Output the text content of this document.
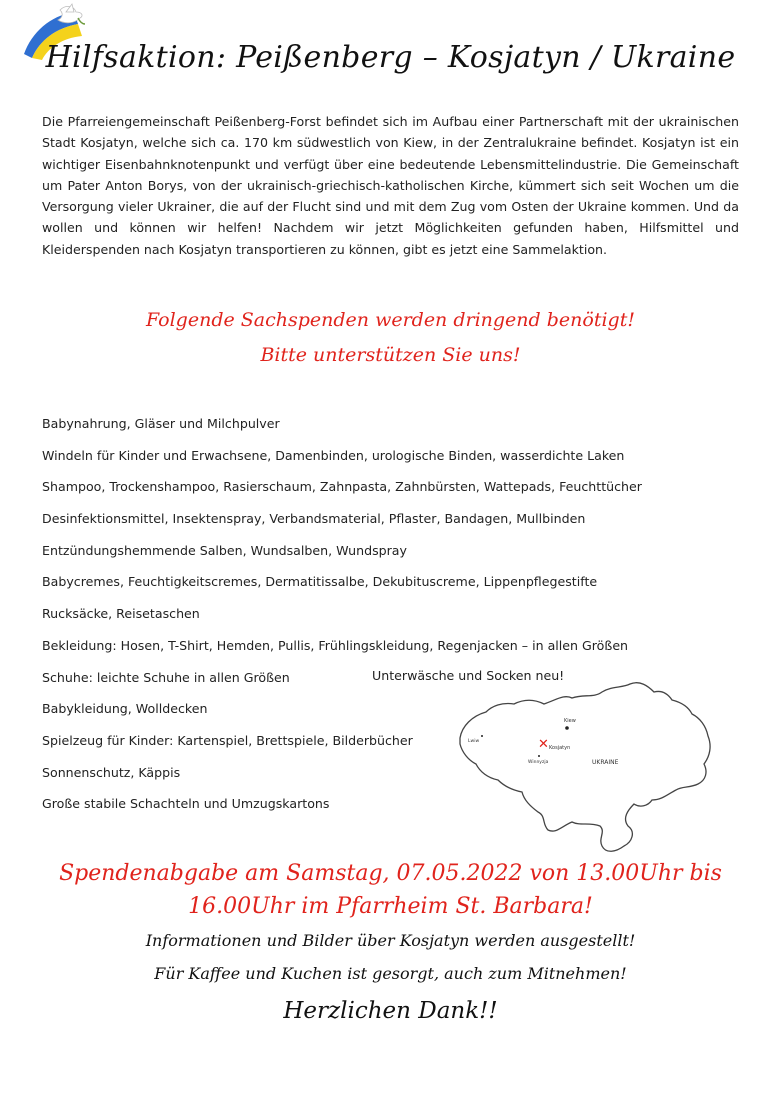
Hilfsaktion: Peißenberg – Kosjatyn / Ukraine

Die Pfarreiengemeinschaft Peißenberg-Forst befindet sich im Aufbau einer Partnerschaft mit der ukrainischen Stadt Kosjatyn, welche sich ca. 170 km südwestlich von Kiew, in der Zentralukraine befindet. Kosjatyn ist ein wichtiger Eisenbahnknotenpunkt und verfügt über eine bedeutende Lebensmittelindustrie. Die Gemeinschaft um Pater Anton Borys, von der ukrainisch-griechisch-katholischen Kirche, kümmert sich seit Wochen um die Versorgung vieler Ukrainer, die auf der Flucht sind und mit dem Zug vom Osten der Ukraine kommen. Und da wollen und können wir helfen! Nachdem wir jetzt Möglichkeiten gefunden haben, Hilfsmittel und Kleiderspenden nach Kosjatyn transportieren zu können, gibt es jetzt eine Sammelaktion.

Folgende Sachspenden werden dringend benötigt!
Bitte unterstützen Sie uns!
Babynahrung, Gläser und Milchpulver
Windeln für Kinder und Erwachsene, Damenbinden, urologische Binden, wasserdichte Laken
Shampoo, Trockenshampoo, Rasierschaum, Zahnpasta, Zahnbürsten, Wattepads, Feuchttücher
Desinfektionsmittel, Insektenspray, Verbandsmaterial, Pflaster, Bandagen, Mullbinden
Entzündungshemmende Salben, Wundsalben, Wundspray
Babycremes, Feuchtigkeitscremes, Dermatitissalbe, Dekubituscreme, Lippenpflegestifte
Rucksäcke, Reisetaschen
Bekleidung: Hosen, T-Shirt, Hemden, Pullis, Frühlingskleidung, Regenjacken – in allen Größen
Schuhe: leichte Schuhe in allen Größen
Babykleidung, Wolldecken
Spielzeug für Kinder: Kartenspiel, Brettspiele, Bilderbücher
Sonnenschutz, Käppis
Große stabile Schachteln und Umzugskartons
Unterwäsche und Socken neu!
Kiew
✕ Kosjatyn
Winnyzja
Lwiw
UKRAINE
Spendenabgabe am Samstag, 07.05.2022 von 13.00Uhr bis
16.00Uhr im Pfarrheim St. Barbara!
Informationen und Bilder über Kosjatyn werden ausgestellt!
Für Kaffee und Kuchen ist gesorgt, auch zum Mitnehmen!
Herzlichen Dank!!
